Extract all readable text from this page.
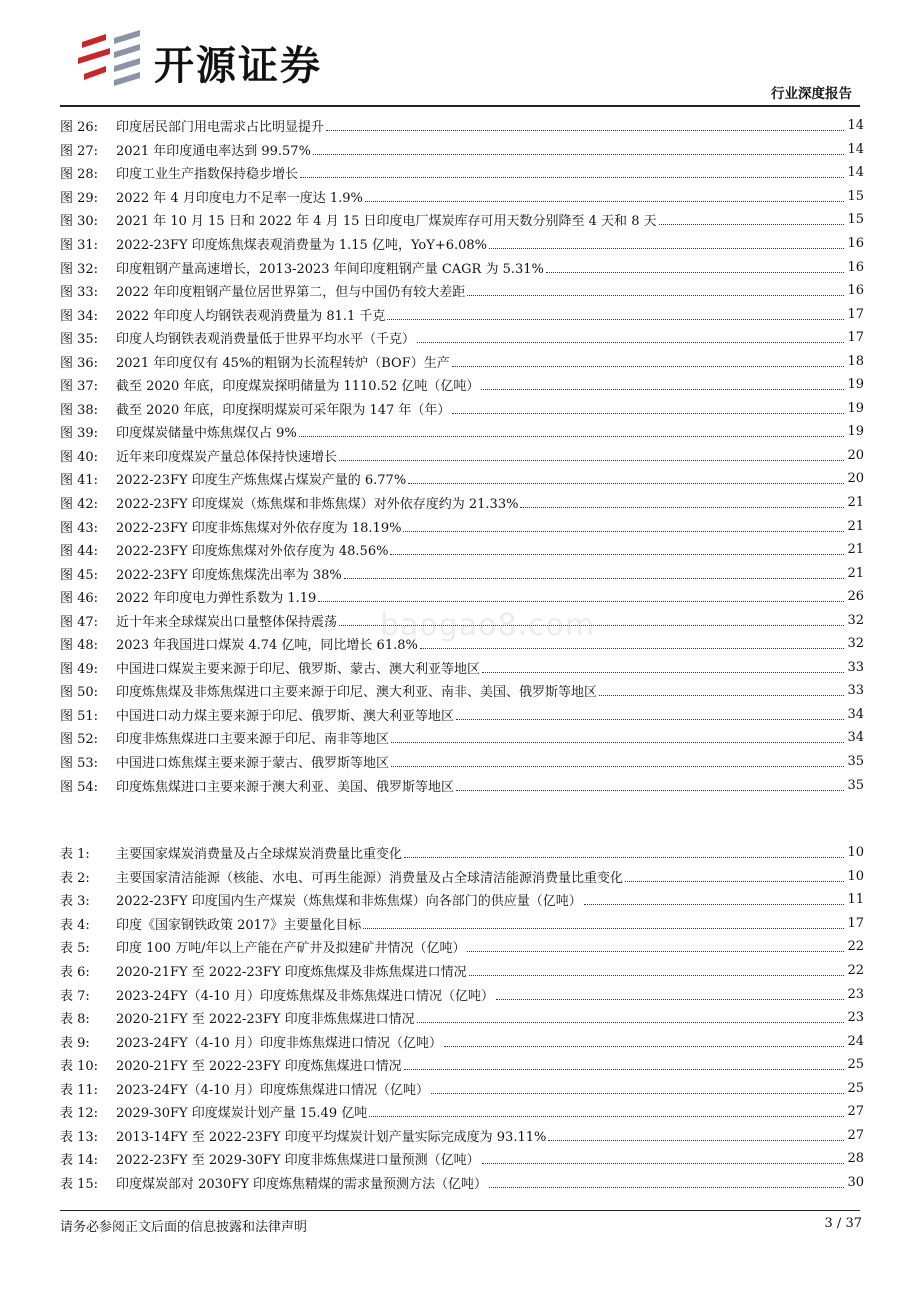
开源证券
行业深度报告
图 26:	印度居民部门用电需求占比明显提升	14
图 27:	2021 年印度通电率达到 99.57%	14
图 28:	印度工业生产指数保持稳步增长	14
图 29:	2022 年 4 月印度电力不足率一度达 1.9%	15
图 30:	2021 年 10 月 15 日和 2022 年 4 月 15 日印度电厂煤炭库存可用天数分别降至 4 天和 8 天	15
图 31:	2022-23FY 印度炼焦煤表观消费量为 1.15 亿吨，YoY+6.08%	16
图 32:	印度粗钢产量高速增长，2013-2023 年间印度粗钢产量 CAGR 为 5.31%	16
图 33:	2022 年印度粗钢产量位居世界第二，但与中国仍有较大差距	16
图 34:	2022 年印度人均钢铁表观消费量为 81.1 千克	17
图 35:	印度人均钢铁表观消费量低于世界平均水平（千克）	17
图 36:	2021 年印度仅有 45%的粗钢为长流程转炉（BOF）生产	18
图 37:	截至 2020 年底，印度煤炭探明储量为 1110.52 亿吨（亿吨）	19
图 38:	截至 2020 年底，印度探明煤炭可采年限为 147 年（年）	19
图 39:	印度煤炭储量中炼焦煤仅占 9%	19
图 40:	近年来印度煤炭产量总体保持快速增长	20
图 41:	2022-23FY 印度生产炼焦煤占煤炭产量的 6.77%	20
图 42:	2022-23FY 印度煤炭（炼焦煤和非炼焦煤）对外依存度约为 21.33%	21
图 43:	2022-23FY 印度非炼焦煤对外依存度为 18.19%	21
图 44:	2022-23FY 印度炼焦煤对外依存度为 48.56%	21
图 45:	2022-23FY 印度炼焦煤洗出率为 38%	21
图 46:	2022 年印度电力弹性系数为 1.19	26
图 47:	近十年来全球煤炭出口量整体保持震荡	32
图 48:	2023 年我国进口煤炭 4.74 亿吨，同比增长 61.8%	32
图 49:	中国进口煤炭主要来源于印尼、俄罗斯、蒙古、澳大利亚等地区	33
图 50:	印度炼焦煤及非炼焦煤进口主要来源于印尼、澳大利亚、南非、美国、俄罗斯等地区	33
图 51:	中国进口动力煤主要来源于印尼、俄罗斯、澳大利亚等地区	34
图 52:	印度非炼焦煤进口主要来源于印尼、南非等地区	34
图 53:	中国进口炼焦煤主要来源于蒙古、俄罗斯等地区	35
图 54:	印度炼焦煤进口主要来源于澳大利亚、美国、俄罗斯等地区	35
表 1:	主要国家煤炭消费量及占全球煤炭消费量比重变化	10
表 2:	主要国家清洁能源（核能、水电、可再生能源）消费量及占全球清洁能源消费量比重变化	10
表 3:	2022-23FY 印度国内生产煤炭（炼焦煤和非炼焦煤）向各部门的供应量（亿吨）	11
表 4:	印度《国家钢铁政策 2017》主要量化目标	17
表 5:	印度 100 万吨/年以上产能在产矿井及拟建矿井情况（亿吨）	22
表 6:	2020-21FY 至 2022-23FY 印度炼焦煤及非炼焦煤进口情况	22
表 7:	2023-24FY（4-10 月）印度炼焦煤及非炼焦煤进口情况（亿吨）	23
表 8:	2020-21FY 至 2022-23FY 印度非炼焦煤进口情况	23
表 9:	2023-24FY（4-10 月）印度非炼焦煤进口情况（亿吨）	24
表 10:	2020-21FY 至 2022-23FY 印度炼焦煤进口情况	25
表 11:	2023-24FY（4-10 月）印度炼焦煤进口情况（亿吨）	25
表 12:	2029-30FY 印度煤炭计划产量 15.49 亿吨	27
表 13:	2013-14FY 至 2022-23FY 印度平均煤炭计划产量实际完成度为 93.11%	27
表 14:	2022-23FY 至 2029-30FY 印度非炼焦煤进口量预测（亿吨）	28
表 15:	印度煤炭部对 2030FY 印度炼焦精煤的需求量预测方法（亿吨）	30
baogao8.com
请务必参阅正文后面的信息披露和法律声明	3 / 37
